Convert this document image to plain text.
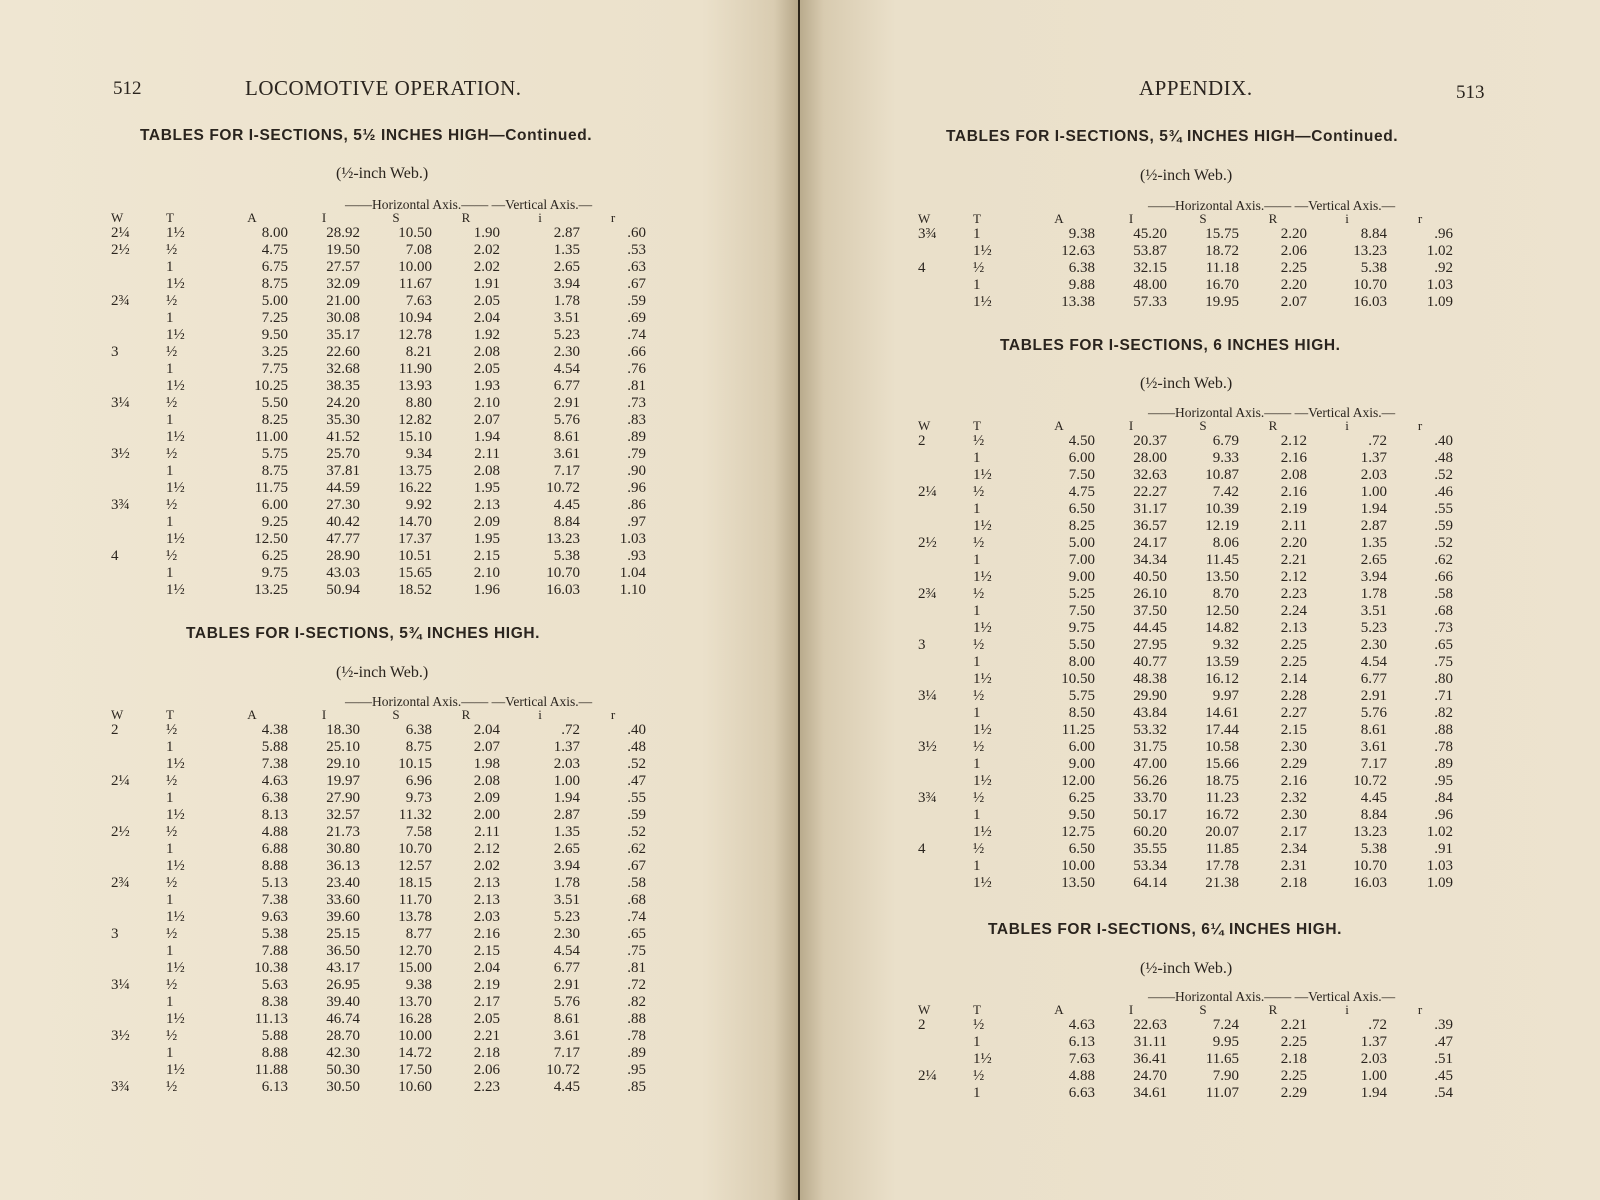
512	LOCOMOTIVE OPERATION.
TABLES FOR I-SECTIONS, 5½ INCHES HIGH—Continued.
(½-inch Web.)
——Horizontal Axis.—— —Vertical Axis.—
W	T	A	I	S	R	i	r
2¼	1½	8.00	28.92	10.50	1.90	2.87	.60
2½	½	4.75	19.50	7.08	2.02	1.35	.53
	1	6.75	27.57	10.00	2.02	2.65	.63
	1½	8.75	32.09	11.67	1.91	3.94	.67
2¾	½	5.00	21.00	7.63	2.05	1.78	.59
	1	7.25	30.08	10.94	2.04	3.51	.69
	1½	9.50	35.17	12.78	1.92	5.23	.74
3	½	3.25	22.60	8.21	2.08	2.30	.66
	1	7.75	32.68	11.90	2.05	4.54	.76
	1½	10.25	38.35	13.93	1.93	6.77	.81
3¼	½	5.50	24.20	8.80	2.10	2.91	.73
	1	8.25	35.30	12.82	2.07	5.76	.83
	1½	11.00	41.52	15.10	1.94	8.61	.89
3½	½	5.75	25.70	9.34	2.11	3.61	.79
	1	8.75	37.81	13.75	2.08	7.17	.90
	1½	11.75	44.59	16.22	1.95	10.72	.96
3¾	½	6.00	27.30	9.92	2.13	4.45	.86
	1	9.25	40.42	14.70	2.09	8.84	.97
	1½	12.50	47.77	17.37	1.95	13.23	1.03
4	½	6.25	28.90	10.51	2.15	5.38	.93
	1	9.75	43.03	15.65	2.10	10.70	1.04
	1½	13.25	50.94	18.52	1.96	16.03	1.10
TABLES FOR I-SECTIONS, 5¾ INCHES HIGH.
(½-inch Web.)
——Horizontal Axis.—— —Vertical Axis.—
W	T	A	I	S	R	i	r
2	½	4.38	18.30	6.38	2.04	.72	.40
	1	5.88	25.10	8.75	2.07	1.37	.48
	1½	7.38	29.10	10.15	1.98	2.03	.52
2¼	½	4.63	19.97	6.96	2.08	1.00	.47
	1	6.38	27.90	9.73	2.09	1.94	.55
	1½	8.13	32.57	11.32	2.00	2.87	.59
2½	½	4.88	21.73	7.58	2.11	1.35	.52
	1	6.88	30.80	10.70	2.12	2.65	.62
	1½	8.88	36.13	12.57	2.02	3.94	.67
2¾	½	5.13	23.40	18.15	2.13	1.78	.58
	1	7.38	33.60	11.70	2.13	3.51	.68
	1½	9.63	39.60	13.78	2.03	5.23	.74
3	½	5.38	25.15	8.77	2.16	2.30	.65
	1	7.88	36.50	12.70	2.15	4.54	.75
	1½	10.38	43.17	15.00	2.04	6.77	.81
3¼	½	5.63	26.95	9.38	2.19	2.91	.72
	1	8.38	39.40	13.70	2.17	5.76	.82
	1½	11.13	46.74	16.28	2.05	8.61	.88
3½	½	5.88	28.70	10.00	2.21	3.61	.78
	1	8.88	42.30	14.72	2.18	7.17	.89
	1½	11.88	50.30	17.50	2.06	10.72	.95
3¾	½	6.13	30.50	10.60	2.23	4.45	.85
APPENDIX.	513
TABLES FOR I-SECTIONS, 5¾ INCHES HIGH—Continued.
(½-inch Web.)
——Horizontal Axis.—— —Vertical Axis.—
W	T	A	I	S	R	i	r
3¾	1	9.38	45.20	15.75	2.20	8.84	.96
	1½	12.63	53.87	18.72	2.06	13.23	1.02
4	½	6.38	32.15	11.18	2.25	5.38	.92
	1	9.88	48.00	16.70	2.20	10.70	1.03
	1½	13.38	57.33	19.95	2.07	16.03	1.09
TABLES FOR I-SECTIONS, 6 INCHES HIGH.
(½-inch Web.)
——Horizontal Axis.—— —Vertical Axis.—
W	T	A	I	S	R	i	r
2	½	4.50	20.37	6.79	2.12	.72	.40
	1	6.00	28.00	9.33	2.16	1.37	.48
	1½	7.50	32.63	10.87	2.08	2.03	.52
2¼	½	4.75	22.27	7.42	2.16	1.00	.46
	1	6.50	31.17	10.39	2.19	1.94	.55
	1½	8.25	36.57	12.19	2.11	2.87	.59
2½	½	5.00	24.17	8.06	2.20	1.35	.52
	1	7.00	34.34	11.45	2.21	2.65	.62
	1½	9.00	40.50	13.50	2.12	3.94	.66
2¾	½	5.25	26.10	8.70	2.23	1.78	.58
	1	7.50	37.50	12.50	2.24	3.51	.68
	1½	9.75	44.45	14.82	2.13	5.23	.73
3	½	5.50	27.95	9.32	2.25	2.30	.65
	1	8.00	40.77	13.59	2.25	4.54	.75
	1½	10.50	48.38	16.12	2.14	6.77	.80
3¼	½	5.75	29.90	9.97	2.28	2.91	.71
	1	8.50	43.84	14.61	2.27	5.76	.82
	1½	11.25	53.32	17.44	2.15	8.61	.88
3½	½	6.00	31.75	10.58	2.30	3.61	.78
	1	9.00	47.00	15.66	2.29	7.17	.89
	1½	12.00	56.26	18.75	2.16	10.72	.95
3¾	½	6.25	33.70	11.23	2.32	4.45	.84
	1	9.50	50.17	16.72	2.30	8.84	.96
	1½	12.75	60.20	20.07	2.17	13.23	1.02
4	½	6.50	35.55	11.85	2.34	5.38	.91
	1	10.00	53.34	17.78	2.31	10.70	1.03
	1½	13.50	64.14	21.38	2.18	16.03	1.09
TABLES FOR I-SECTIONS, 6¼ INCHES HIGH.
(½-inch Web.)
——Horizontal Axis.—— —Vertical Axis.—
W	T	A	I	S	R	i	r
2	½	4.63	22.63	7.24	2.21	.72	.39
	1	6.13	31.11	9.95	2.25	1.37	.47
	1½	7.63	36.41	11.65	2.18	2.03	.51
2¼	½	4.88	24.70	7.90	2.25	1.00	.45
	1	6.63	34.61	11.07	2.29	1.94	.54
